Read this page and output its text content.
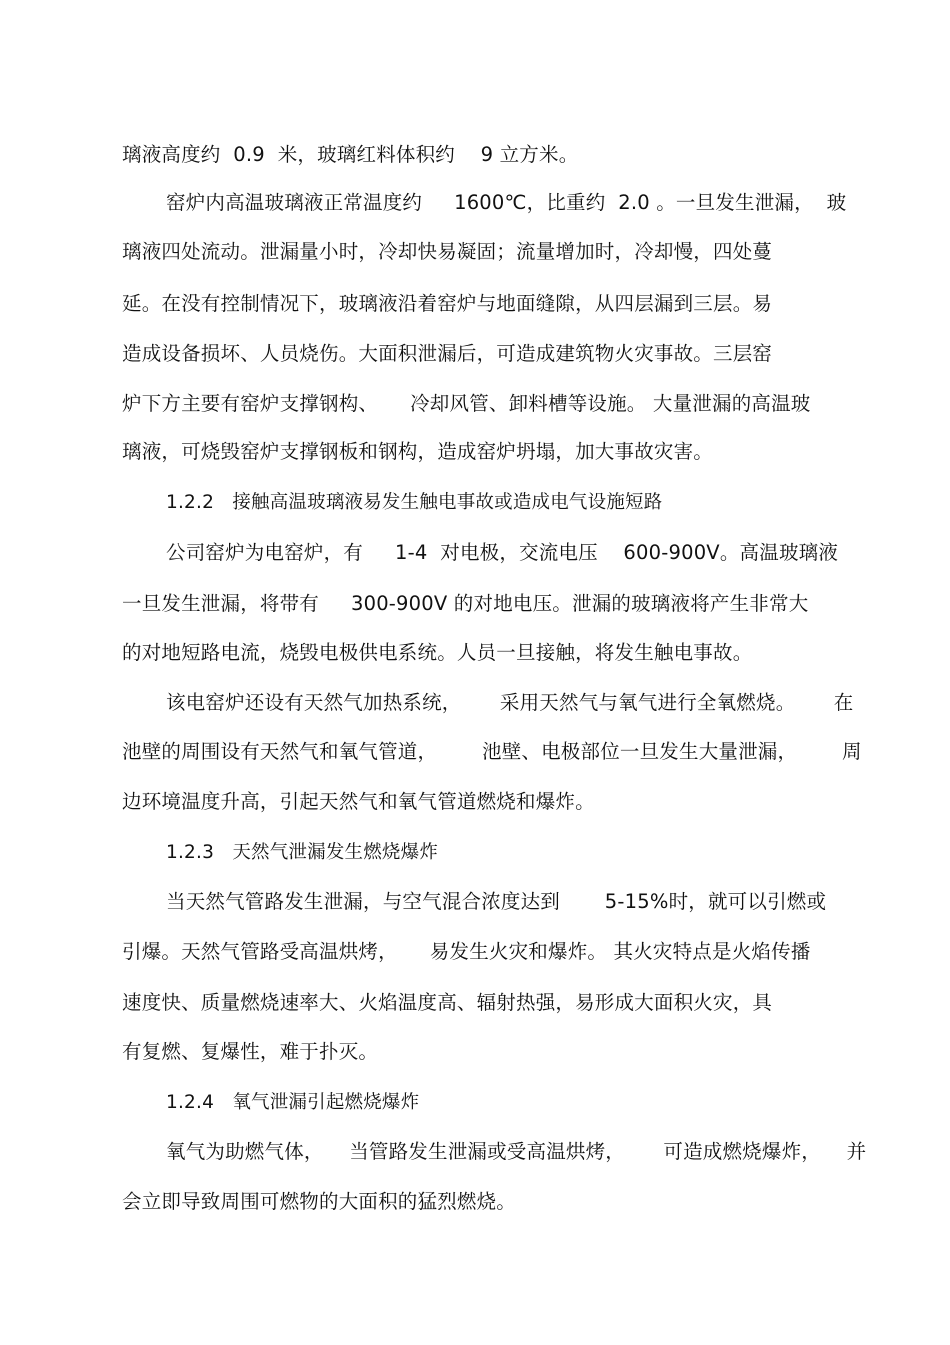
璃液高度约  0.9  米，玻璃红料体积约    9 立方米。
窑炉内高温玻璃液正常温度约     1600℃，比重约  2.0 。一旦发生泄漏，  玻
璃液四处流动。泄漏量小时，冷却快易凝固；流量增加时，冷却慢，四处蔓
延。在没有控制情况下，玻璃液沿着窑炉与地面缝隙，从四层漏到三层。易
造成设备损坏、人员烧伤。大面积泄漏后，可造成建筑物火灾事故。三层窑
炉下方主要有窑炉支撑钢构、     冷却风管、卸料槽等设施。 大量泄漏的高温玻
璃液，可烧毁窑炉支撑钢板和钢构，造成窑炉坍塌，加大事故灾害。
1.2.2   接触高温玻璃液易发生触电事故或造成电气设施短路
公司窑炉为电窑炉，有     1-4  对电极，交流电压    600-900V。高温玻璃液
一旦发生泄漏，将带有     300-900V 的对地电压。泄漏的玻璃液将产生非常大
的对地短路电流，烧毁电极供电系统。人员一旦接触，将发生触电事故。
该电窑炉还设有天然气加热系统，      采用天然气与氧气进行全氧燃烧。      在
池壁的周围设有天然气和氧气管道，       池壁、电极部位一旦发生大量泄漏，       周
边环境温度升高，引起天然气和氧气管道燃烧和爆炸。
1.2.3   天然气泄漏发生燃烧爆炸
当天然气管路发生泄漏，与空气混合浓度达到       5-15%时，就可以引燃或
引爆。天然气管路受高温烘烤，     易发生火灾和爆炸。 其火灾特点是火焰传播
速度快、质量燃烧速率大、火焰温度高、辐射热强，易形成大面积火灾，具
有复燃、复爆性，难于扑灭。
1.2.4   氧气泄漏引起燃烧爆炸
氧气为助燃气体，    当管路发生泄漏或受高温烘烤，      可造成燃烧爆炸，    并
会立即导致周围可燃物的大面积的猛烈燃烧。
